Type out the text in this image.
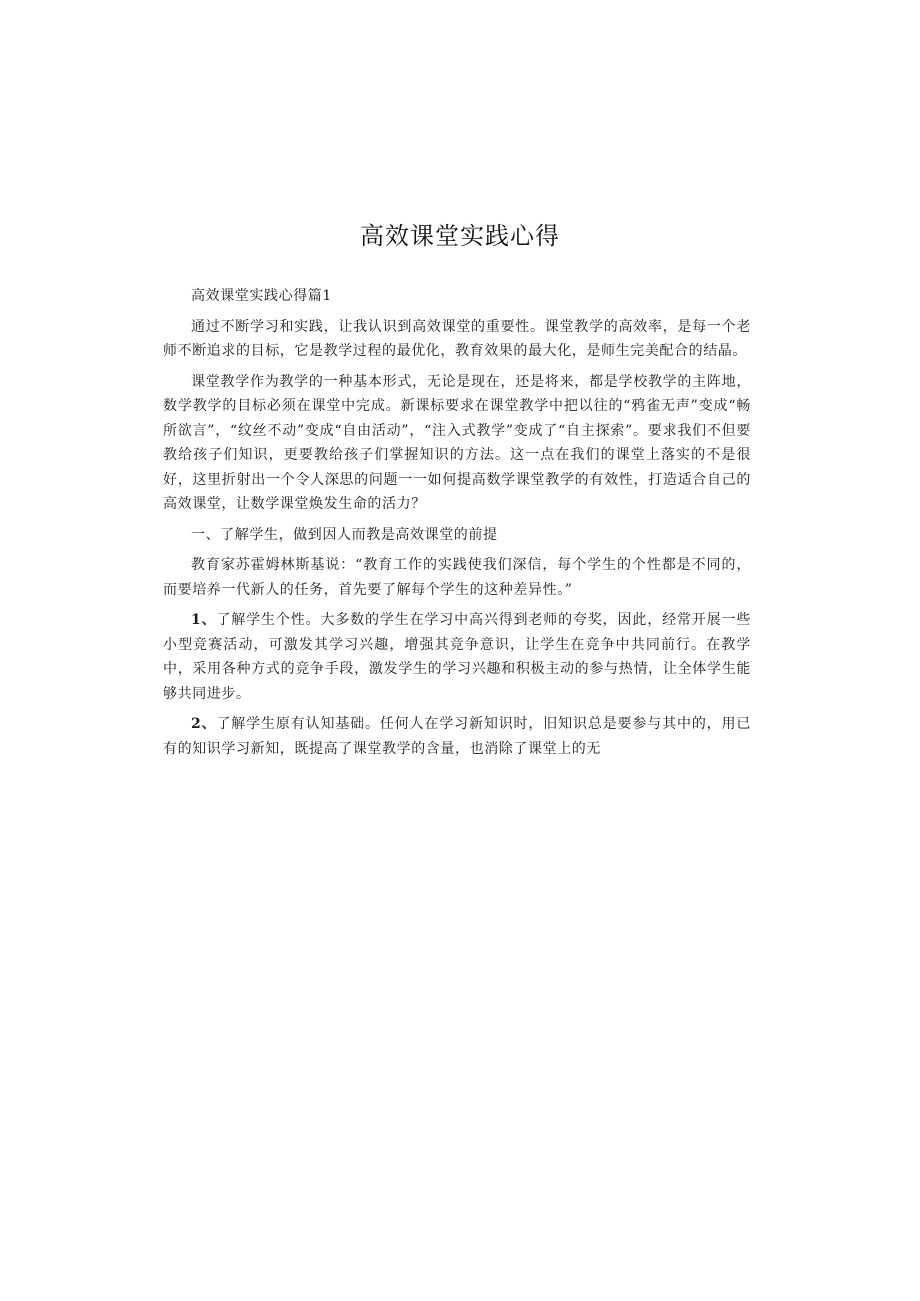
高效课堂实践心得

高效课堂实践心得篇1

通过不断学习和实践，让我认识到高效课堂的重要性。课堂教学的高效率，是每一个老师不断追求的目标，它是教学过程的最优化，教育效果的最大化，是师生完美配合的结晶。

课堂教学作为教学的一种基本形式，无论是现在，还是将来，都是学校教学的主阵地，数学教学的目标必须在课堂中完成。新课标要求在课堂教学中把以往的“鸦雀无声”变成“畅所欲言”，“纹丝不动”变成“自由活动”，“注入式教学”变成了“自主探索”。要求我们不但要教给孩子们知识，更要教给孩子们掌握知识的方法。这一点在我们的课堂上落实的不是很好，这里折射出一个令人深思的问题一一如何提高数学课堂教学的有效性，打造适合自己的高效课堂，让数学课堂焕发生命的活力？

一、了解学生，做到因人而教是高效课堂的前提

教育家苏霍姆林斯基说：“教育工作的实践使我们深信，每个学生的个性都是不同的，而要培养一代新人的任务，首先要了解每个学生的这种差异性。”

1、了解学生个性。大多数的学生在学习中高兴得到老师的夸奖，因此，经常开展一些小型竞赛活动，可激发其学习兴趣，增强其竞争意识，让学生在竞争中共同前行。在教学中，采用各种方式的竞争手段，激发学生的学习兴趣和积极主动的参与热情，让全体学生能够共同进步。

2、了解学生原有认知基础。任何人在学习新知识时，旧知识总是要参与其中的，用已有的知识学习新知，既提高了课堂教学的含量，也消除了课堂上的无
